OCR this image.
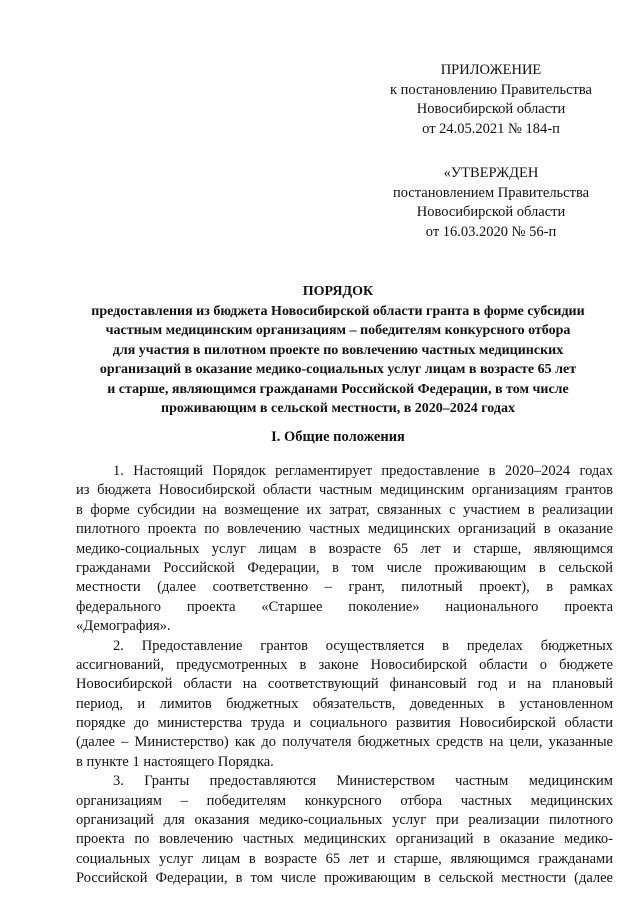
ПРИЛОЖЕНИЕ
к постановлению Правительства
Новосибирской области
от 24.05.2021 № 184-п
«УТВЕРЖДЕН
постановлением Правительства
Новосибирской области
от 16.03.2020 № 56-п
ПОРЯДОК
предоставления из бюджета Новосибирской области гранта в форме субсидии
частным медицинским организациям – победителям конкурсного отбора
для участия в пилотном проекте по вовлечению частных медицинских
организаций в оказание медико-социальных услуг лицам в возрасте 65 лет
и старше, являющимся гражданами Российской Федерации, в том числе
проживающим в сельской местности, в 2020–2024 годах
I. Общие положения
1. Настоящий Порядок регламентирует предоставление в 2020–2024 годах
из бюджета Новосибирской области частным медицинским организациям грантов
в форме субсидии на возмещение их затрат, связанных с участием в реализации
пилотного проекта по вовлечению частных медицинских организаций в оказание
медико-социальных услуг лицам в возрасте 65 лет и старше, являющимся
гражданами Российской Федерации, в том числе проживающим в сельской
местности (далее соответственно – грант, пилотный проект), в рамках
федерального проекта «Старшее поколение» национального проекта
«Демография».
2. Предоставление грантов осуществляется в пределах бюджетных
ассигнований, предусмотренных в законе Новосибирской области о бюджете
Новосибирской области на соответствующий финансовый год и на плановый
период, и лимитов бюджетных обязательств, доведенных в установленном
порядке до министерства труда и социального развития Новосибирской области
(далее – Министерство) как до получателя бюджетных средств на цели, указанные
в пункте 1 настоящего Порядка.
3. Гранты предоставляются Министерством частным медицинским
организациям – победителям конкурсного отбора частных медицинских
организаций для оказания медико-социальных услуг при реализации пилотного
проекта по вовлечению частных медицинских организаций в оказание медико-
социальных услуг лицам в возрасте 65 лет и старше, являющимся гражданами
Российской Федерации, в том числе проживающим в сельской местности (далее
